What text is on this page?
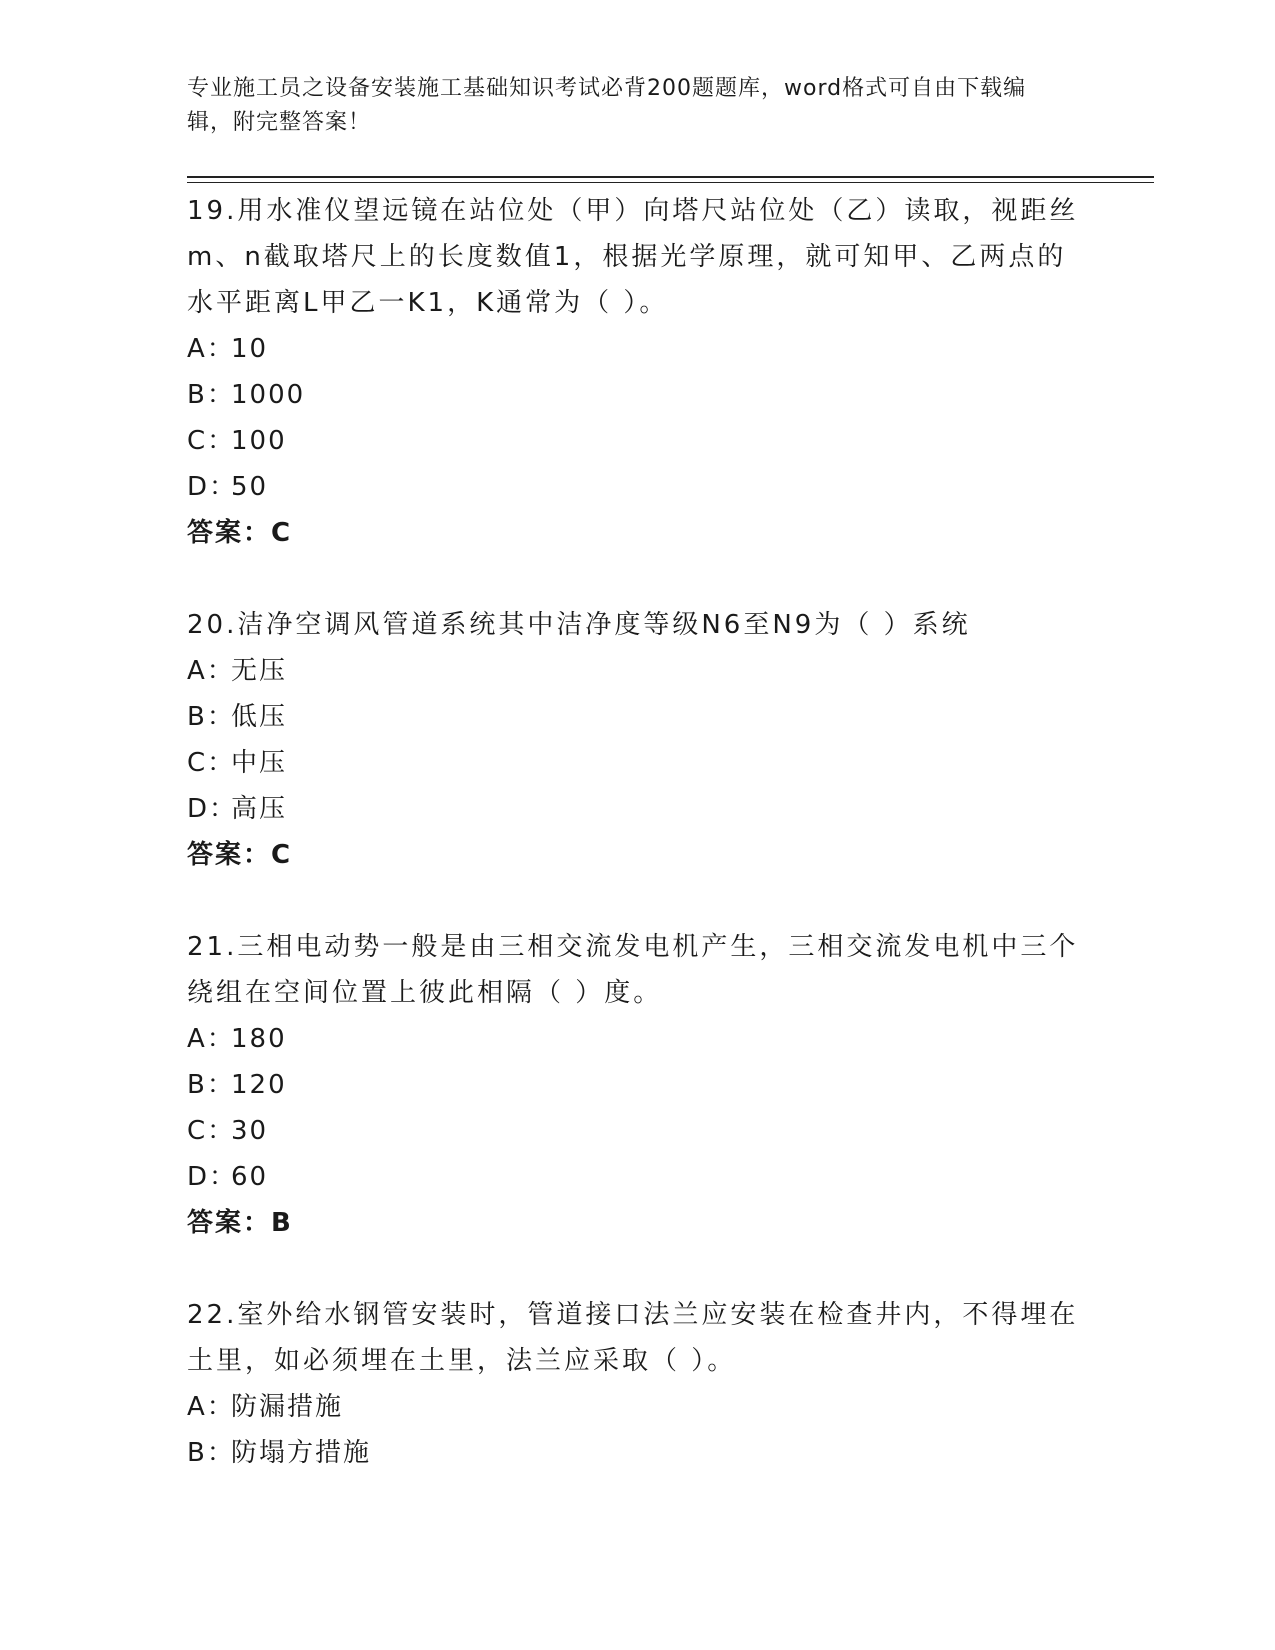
专业施工员之设备安装施工基础知识考试必背200题题库，word格式可自由下载编辑，附完整答案！

19.用水准仪望远镜在站位处（甲）向塔尺站位处（乙）读取，视距丝m、n截取塔尺上的长度数值1，根据光学原理，就可知甲、乙两点的水平距离L甲乙一K1，K通常为（ ）。

A：10

B：1000

C：100

D：50

答案：C

20.洁净空调风管道系统其中洁净度等级N6至N9为（ ）系统

A：无压

B：低压

C：中压

D：高压

答案：C

21.三相电动势一般是由三相交流发电机产生，三相交流发电机中三个绕组在空间位置上彼此相隔（ ）度。

A：180

B：120

C：30

D：60

答案：B

22.室外给水钢管安装时，管道接口法兰应安装在检查井内，不得埋在土里，如必须埋在土里，法兰应采取（ ）。

A：防漏措施

B：防塌方措施
